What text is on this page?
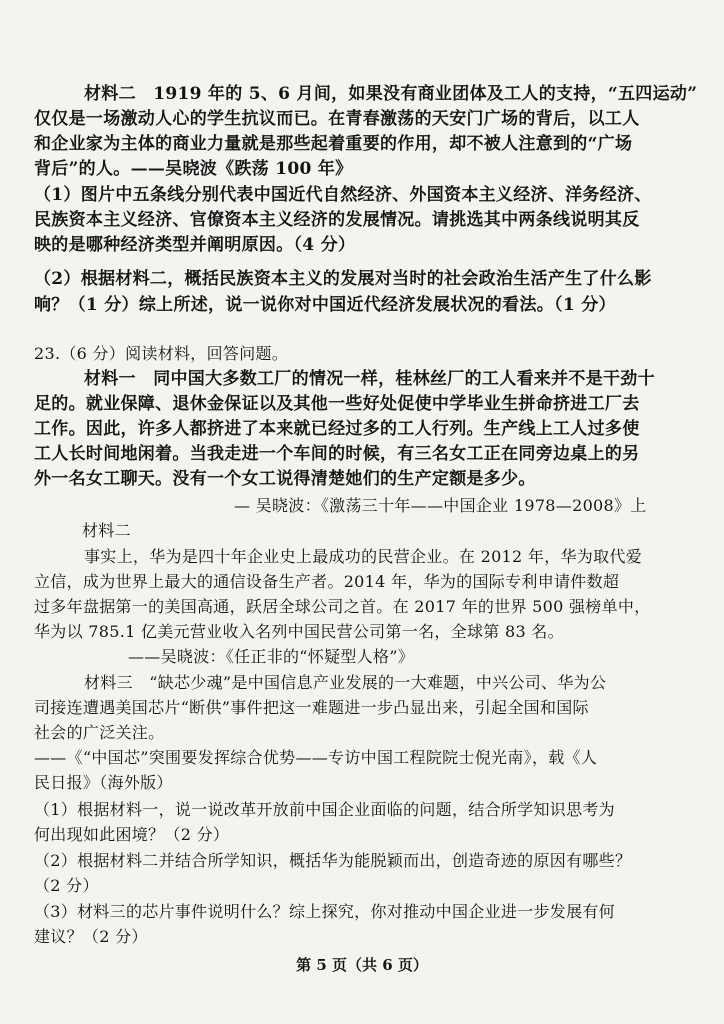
材料二　1919 年的 5、6 月间，如果没有商业团体及工人的支持，“五四运动”
仅仅是一场激动人心的学生抗议而已。在青春激荡的天安门广场的背后，以工人
和企业家为主体的商业力量就是那些起着重要的作用，却不被人注意到的“广场
背后”的人。——吴晓波《跌荡 100 年》
（1）图片中五条线分别代表中国近代自然经济、外国资本主义经济、洋务经济、
民族资本主义经济、官僚资本主义经济的发展情况。请挑选其中两条线说明其反
映的是哪种经济类型并阐明原因。（4 分）
（2）根据材料二，概括民族资本主义的发展对当时的社会政治生活产生了什么影
响？（1 分）综上所述，说一说你对中国近代经济发展状况的看法。（1 分）
23.（6 分）阅读材料，回答问题。
材料一　同中国大多数工厂的情况一样，桂林丝厂的工人看来并不是干劲十
足的。就业保障、退休金保证以及其他一些好处促使中学毕业生拼命挤进工厂去
工作。因此，许多人都挤进了本来就已经过多的工人行列。生产线上工人过多使
工人长时间地闲着。当我走进一个车间的时候，有三名女工正在同旁边桌上的另
外一名女工聊天。没有一个女工说得清楚她们的生产定额是多少。
— 吴晓波：《激荡三十年——中国企业 1978—2008》上
材料二
事实上，华为是四十年企业史上最成功的民营企业。在 2012 年，华为取代爱
立信，成为世界上最大的通信设备生产者。2014 年，华为的国际专利申请件数超
过多年盘据第一的美国高通，跃居全球公司之首。在 2017 年的世界 500 强榜单中，
华为以 785.1 亿美元营业收入名列中国民营公司第一名，全球第 83 名。
——吴晓波：《任正非的“怀疑型人格”》
材料三　“缺芯少魂”是中国信息产业发展的一大难题，中兴公司、华为公
司接连遭遇美国芯片“断供”事件把这一难题进一步凸显出来，引起全国和国际
社会的广泛关注。
——《“中国芯”突围要发挥综合优势——专访中国工程院院士倪光南》，载《人
民日报》（海外版）
（1）根据材料一，说一说改革开放前中国企业面临的问题，结合所学知识思考为
何出现如此困境？（2 分）
（2）根据材料二并结合所学知识，概括华为能脱颖而出，创造奇迹的原因有哪些？
（2 分）
（3）材料三的芯片事件说明什么？综上探究，你对推动中国企业进一步发展有何
建议？（2 分）
第 5 页（共 6 页）
